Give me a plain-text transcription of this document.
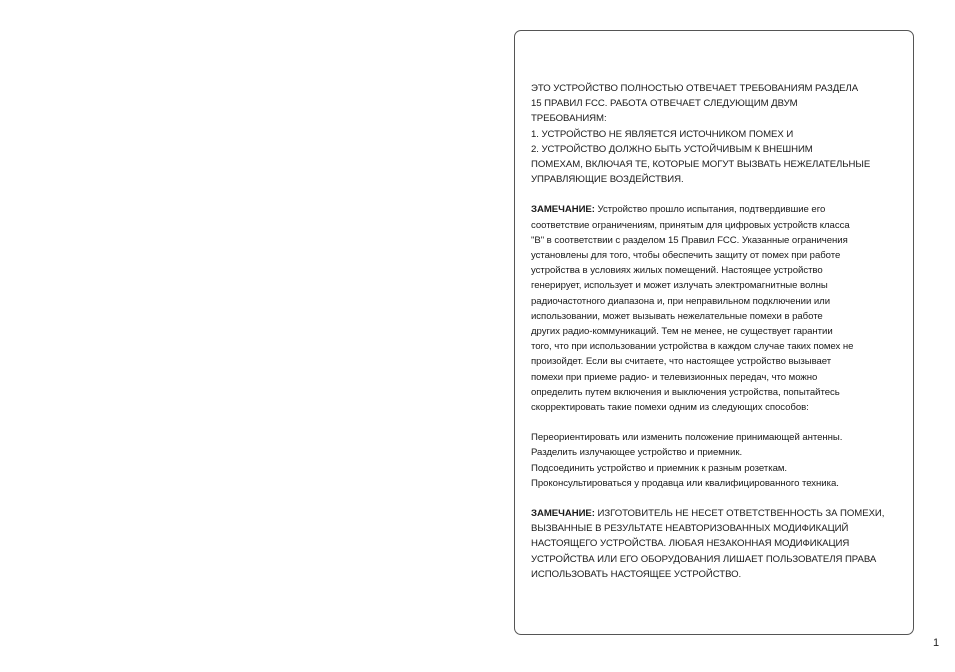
ЭТО УСТРОЙСТВО ПОЛНОСТЬЮ ОТВЕЧАЕТ ТРЕБОВАНИЯМ РАЗДЕЛА
15 ПРАВИЛ FCC. РАБОТА ОТВЕЧАЕТ СЛЕДУЮЩИМ ДВУМ
ТРЕБОВАНИЯМ:
1. УСТРОЙСТВО НЕ ЯВЛЯЕТСЯ ИСТОЧНИКОМ ПОМЕХ И
2. УСТРОЙСТВО ДОЛЖНО БЫТЬ УСТОЙЧИВЫМ К ВНЕШНИМ
ПОМЕХАМ, ВКЛЮЧАЯ ТЕ, КОТОРЫЕ МОГУТ ВЫЗВАТЬ НЕЖЕЛАТЕЛЬНЫЕ
УПРАВЛЯЮЩИЕ ВОЗДЕЙСТВИЯ.

ЗАМЕЧАНИЕ: Устройство прошло испытания, подтвердившие его
соответствие ограничениям, принятым для цифровых устройств класса
"B" в соответствии с разделом 15 Правил FCC. Указанные ограничения
установлены для того, чтобы обеспечить защиту от помех при работе
устройства в условиях жилых помещений. Настоящее устройство
генерирует, использует и может излучать электромагнитные волны
радиочастотного диапазона и, при неправильном подключении или
использовании, может вызывать нежелательные помехи в работе
других радио-коммуникаций. Тем не менее, не существует гарантии
того, что при использовании устройства в каждом случае таких помех не
произойдет. Если вы считаете, что настоящее устройство вызывает
помехи при приеме радио- и телевизионных передач, что можно
определить путем включения и выключения устройства, попытайтесь
скорректировать такие помехи одним из следующих способов:

Переориентировать или изменить положение принимающей антенны.
Разделить излучающее устройство и приемник.
Подсоединить устройство и приемник к разным розеткам.
Проконсультироваться у продавца или квалифицированного техника.

ЗАМЕЧАНИЕ: ИЗГОТОВИТЕЛЬ НЕ НЕСЕТ ОТВЕТСТВЕННОСТЬ ЗА ПОМЕХИ,
ВЫЗВАННЫЕ В РЕЗУЛЬТАТЕ НЕАВТОРИЗОВАННЫХ МОДИФИКАЦИЙ
НАСТОЯЩЕГО УСТРОЙСТВА. ЛЮБАЯ НЕЗАКОННАЯ МОДИФИКАЦИЯ
УСТРОЙСТВА ИЛИ ЕГО ОБОРУДОВАНИЯ ЛИШАЕТ ПОЛЬЗОВАТЕЛЯ ПРАВА
ИСПОЛЬЗОВАТЬ НАСТОЯЩЕЕ УСТРОЙСТВО.

1
